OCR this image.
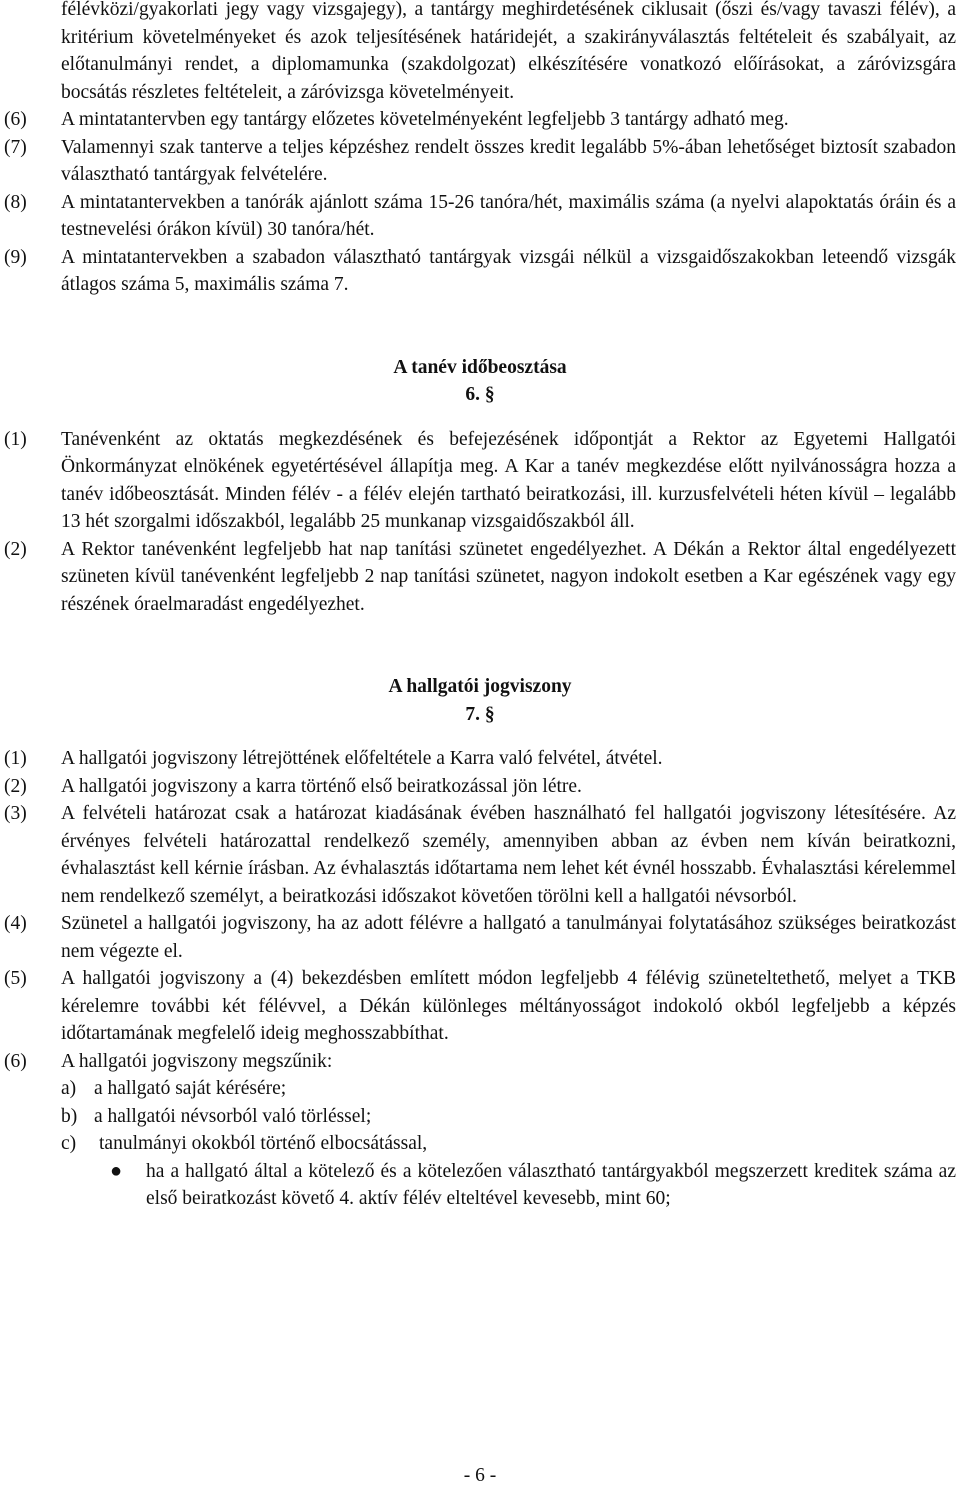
félévközi/gyakorlati jegy vagy vizsgajegy), a tantárgy meghirdetésének ciklusait (őszi és/vagy tavaszi félév), a kritérium követelményeket és azok teljesítésének határidejét, a szakirányválasztás feltételeit és szabályait, az előtanulmányi rendet, a diplomamunka (szakdolgozat) elkészítésére vonatkozó előírásokat, a záróvizsgára bocsátás részletes feltételeit, a záróvizsga követelményeit.
(6) A mintatantervben egy tantárgy előzetes követelményeként legfeljebb 3 tantárgy adható meg.
(7) Valamennyi szak tanterve a teljes képzéshez rendelt összes kredit legalább 5%-ában lehetőséget biztosít szabadon választható tantárgyak felvételére.
(8) A mintatantervekben a tanórák ajánlott száma 15-26 tanóra/hét, maximális száma (a nyelvi alapoktatás óráin és a testnevelési órákon kívül) 30 tanóra/hét.
(9) A mintatantervekben a szabadon választható tantárgyak vizsgái nélkül a vizsgaidőszakokban leteendő vizsgák átlagos száma 5, maximális száma 7.
A tanév időbeosztása
6. §
(1) Tanévenként az oktatás megkezdésének és befejezésének időpontját a Rektor az Egyetemi Hallgatói Önkormányzat elnökének egyetértésével állapítja meg. A Kar a tanév megkezdése előtt nyilvánosságra hozza a tanév időbeosztását. Minden félév - a félév elején tartható beiratkozási, ill. kurzusfelvételi héten kívül – legalább 13 hét szorgalmi időszakból, legalább 25 munkanap vizsgaidőszakból áll.
(2) A Rektor tanévenként legfeljebb hat nap tanítási szünetet engedélyezhet. A Dékán a Rektor által engedélyezett szüneten kívül tanévenként legfeljebb 2 nap tanítási szünetet, nagyon indokolt esetben a Kar egészének vagy egy részének óraelmaradást engedélyezhet.
A hallgatói jogviszony
7. §
(1) A hallgatói jogviszony létrejöttének előfeltétele a Karra való felvétel, átvétel.
(2) A hallgatói jogviszony a karra történő első beiratkozással jön létre.
(3) A felvételi határozat csak a határozat kiadásának évében használható fel hallgatói jogviszony létesítésére. Az érvényes felvételi határozattal rendelkező személy, amennyiben abban az évben nem kíván beiratkozni, évhalasztást kell kérnie írásban. Az évhalasztás időtartama nem lehet két évnél hosszabb. Évhalasztási kérelemmel nem rendelkező személyt, a beiratkozási időszakot követően törölni kell a hallgatói névsorból.
(4) Szünetel a hallgatói jogviszony, ha az adott félévre a hallgató a tanulmányai folytatásához szükséges beiratkozást nem végezte el.
(5) A hallgatói jogviszony a (4) bekezdésben említett módon legfeljebb 4 félévig szüneteltethető, melyet a TKB kérelemre további két félévvel, a Dékán különleges méltányosságot indokoló okból legfeljebb a képzés időtartamának megfelelő ideig meghosszabbíthat.
(6) A hallgatói jogviszony megszűnik:
a) a hallgató saját kérésére;
b) a hallgatói névsorból való törléssel;
c) tanulmányi okokból történő elbocsátással,
● ha a hallgató által a kötelező és a kötelezően választható tantárgyakból megszerzett kreditek száma az első beiratkozást követő 4. aktív félév elteltével kevesebb, mint 60;
- 6 -
